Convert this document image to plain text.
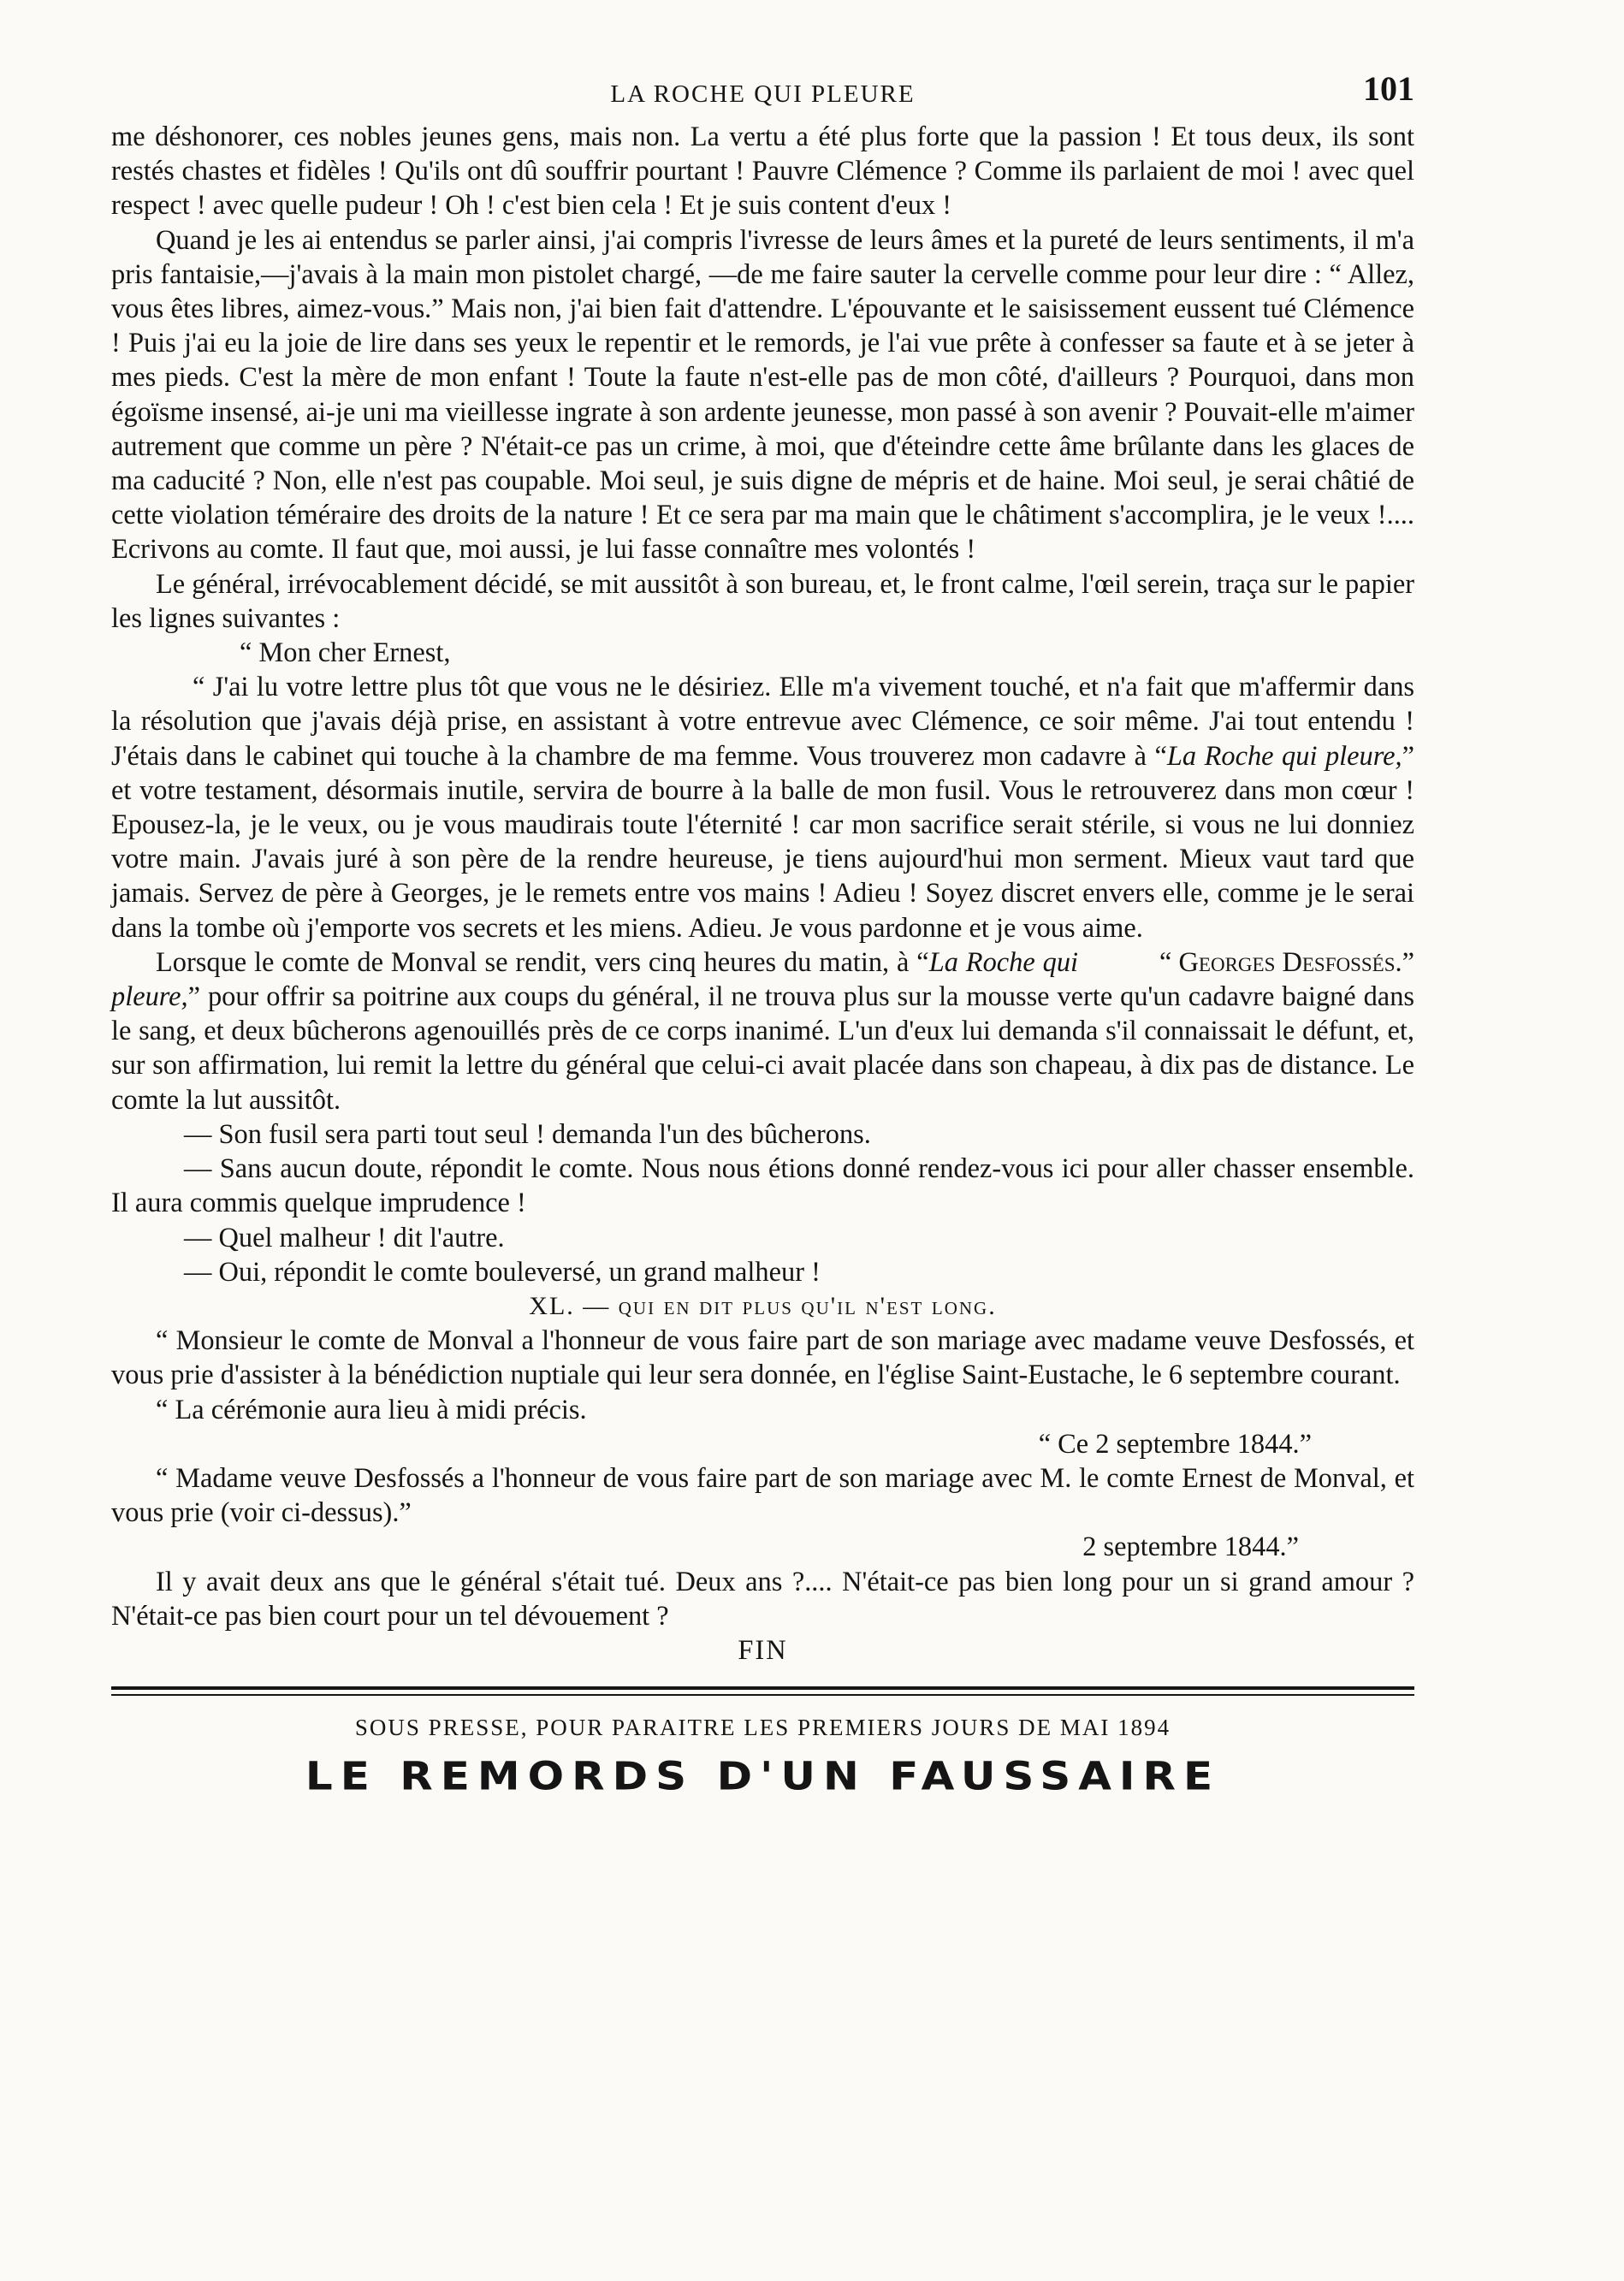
LA ROCHE QUI PLEURE	101

me déshonorer, ces nobles jeunes gens, mais non. La vertu a été plus forte que la passion ! Et tous deux, ils sont restés chastes et fidèles ! Qu'ils ont dû souffrir pourtant ! Pauvre Clémence ? Comme ils parlaient de moi ! avec quel respect ! avec quelle pudeur ! Oh ! c'est bien cela ! Et je suis content d'eux !

Quand je les ai entendus se parler ainsi, j'ai compris l'ivresse de leurs âmes et la pureté de leurs sentiments, il m'a pris fantaisie,—j'avais à la main mon pistolet chargé, —de me faire sauter la cervelle comme pour leur dire : “ Allez, vous êtes libres, aimez-vous.” Mais non, j'ai bien fait d'attendre. L'épouvante et le saisissement eussent tué Clémence ! Puis j'ai eu la joie de lire dans ses yeux le repentir et le remords, je l'ai vue prête à confesser sa faute et à se jeter à mes pieds. C'est la mère de mon enfant ! Toute la faute n'est-elle pas de mon côté, d'ailleurs ? Pourquoi, dans mon égoïsme insensé, ai-je uni ma vieillesse ingrate à son ardente jeunesse, mon passé à son avenir ? Pouvait-elle m'aimer autrement que comme un père ? N'était-ce pas un crime, à moi, que d'éteindre cette âme brûlante dans les glaces de ma caducité ? Non, elle n'est pas coupable. Moi seul, je suis digne de mépris et de haine. Moi seul, je serai châtié de cette violation téméraire des droits de la nature ! Et ce sera par ma main que le châtiment s'accomplira, je le veux !.... Ecrivons au comte. Il faut que, moi aussi, je lui fasse connaître mes volontés !

Le général, irrévocablement décidé, se mit aussitôt à son bureau, et, le front calme, l'œil serein, traça sur le papier les lignes suivantes :

“ Mon cher Ernest,

“ J'ai lu votre lettre plus tôt que vous ne le désiriez. Elle m'a vivement touché, et n'a fait que m'affermir dans la résolution que j'avais déjà prise, en assistant à votre entrevue avec Clémence, ce soir même. J'ai tout entendu ! J'étais dans le cabinet qui touche à la chambre de ma femme. Vous trouverez mon cadavre à “La Roche qui pleure,” et votre testament, désormais inutile, servira de bourre à la balle de mon fusil. Vous le retrouverez dans mon cœur ! Epousez-la, je le veux, ou je vous maudirais toute l'éternité ! car mon sacrifice serait stérile, si vous ne lui donniez votre main. J'avais juré à son père de la rendre heureuse, je tiens aujourd'hui mon serment. Mieux vaut tard que jamais. Servez de père à Georges, je le remets entre vos mains ! Adieu ! Soyez discret envers elle, comme je le serai dans la tombe où j'emporte vos secrets et les miens. Adieu. Je vous pardonne et je vous aime.
“ Georges Desfossés.”

Lorsque le comte de Monval se rendit, vers cinq heures du matin, à “La Roche qui pleure,” pour offrir sa poitrine aux coups du général, il ne trouva plus sur la mousse verte qu'un cadavre baigné dans le sang, et deux bûcherons agenouillés près de ce corps inanimé. L'un d'eux lui demanda s'il connaissait le défunt, et, sur son affirmation, lui remit la lettre du général que celui-ci avait placée dans son chapeau, à dix pas de distance. Le comte la lut aussitôt.

— Son fusil sera parti tout seul ! demanda l'un des bûcherons.

— Sans aucun doute, répondit le comte. Nous nous étions donné rendez-vous ici pour aller chasser ensemble. Il aura commis quelque imprudence !

— Quel malheur ! dit l'autre.

— Oui, répondit le comte bouleversé, un grand malheur !

XL. — qui en dit plus qu'il n'est long.

“ Monsieur le comte de Monval a l'honneur de vous faire part de son mariage avec madame veuve Desfossés, et vous prie d'assister à la bénédiction nuptiale qui leur sera donnée, en l'église Saint-Eustache, le 6 septembre courant.

“ La cérémonie aura lieu à midi précis.

“ Ce 2 septembre 1844.”

“ Madame veuve Desfossés a l'honneur de vous faire part de son mariage avec M. le comte Ernest de Monval, et vous prie (voir ci-dessus).”

2 septembre 1844.”

Il y avait deux ans que le général s'était tué. Deux ans ?.... N'était-ce pas bien long pour un si grand amour ? N'était-ce pas bien court pour un tel dévouement ?

FIN

SOUS PRESSE, POUR PARAITRE LES PREMIERS JOURS DE MAI 1894
LE REMORDS D'UN FAUSSAIRE
